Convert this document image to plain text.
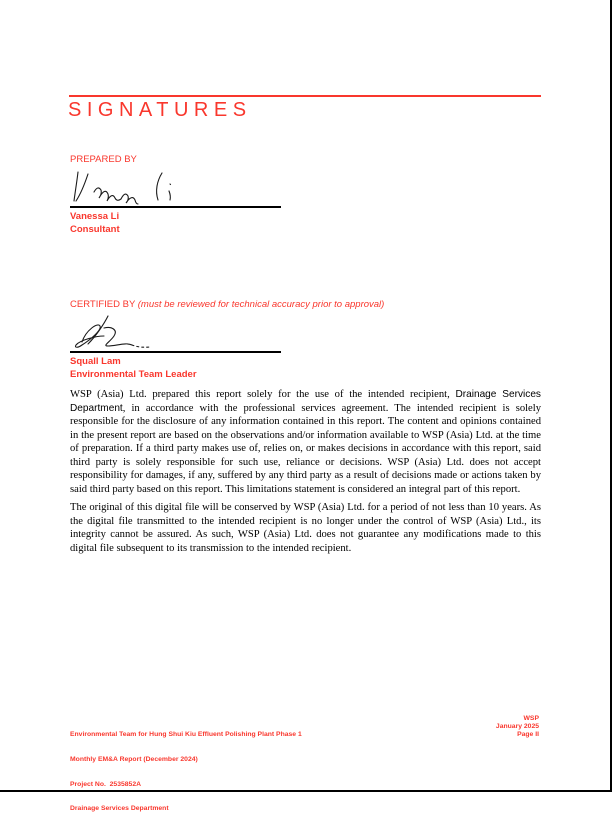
SIGNATURES
PREPARED BY
Vanessa Li
Consultant
CERTIFIED BY (must be reviewed for technical accuracy prior to approval)
Squall Lam
Environmental Team Leader

WSP (Asia) Ltd. prepared this report solely for the use of the intended recipient, Drainage Services Department, in accordance with the professional services agreement. The intended recipient is solely responsible for the disclosure of any information contained in this report. The content and opinions contained in the present report are based on the observations and/or information available to WSP (Asia) Ltd. at the time of preparation. If a third party makes use of, relies on, or makes decisions in accordance with this report, said third party is solely responsible for such use, reliance or decisions. WSP (Asia) Ltd. does not accept responsibility for damages, if any, suffered by any third party as a result of decisions made or actions taken by said third party based on this report. This limitations statement is considered an integral part of this report.

The original of this digital file will be conserved by WSP (Asia) Ltd. for a period of not less than 10 years. As the digital file transmitted to the intended recipient is no longer under the control of WSP (Asia) Ltd., its integrity cannot be assured. As such, WSP (Asia) Ltd. does not guarantee any modifications made to this digital file subsequent to its transmission to the intended recipient.

Environmental Team for Hung Shui Kiu Effluent Polishing Plant Phase 1

Monthly EM&A Report (December 2024)

Project No.  2535852A

Drainage Services Department

WSP
January 2025
Page II
